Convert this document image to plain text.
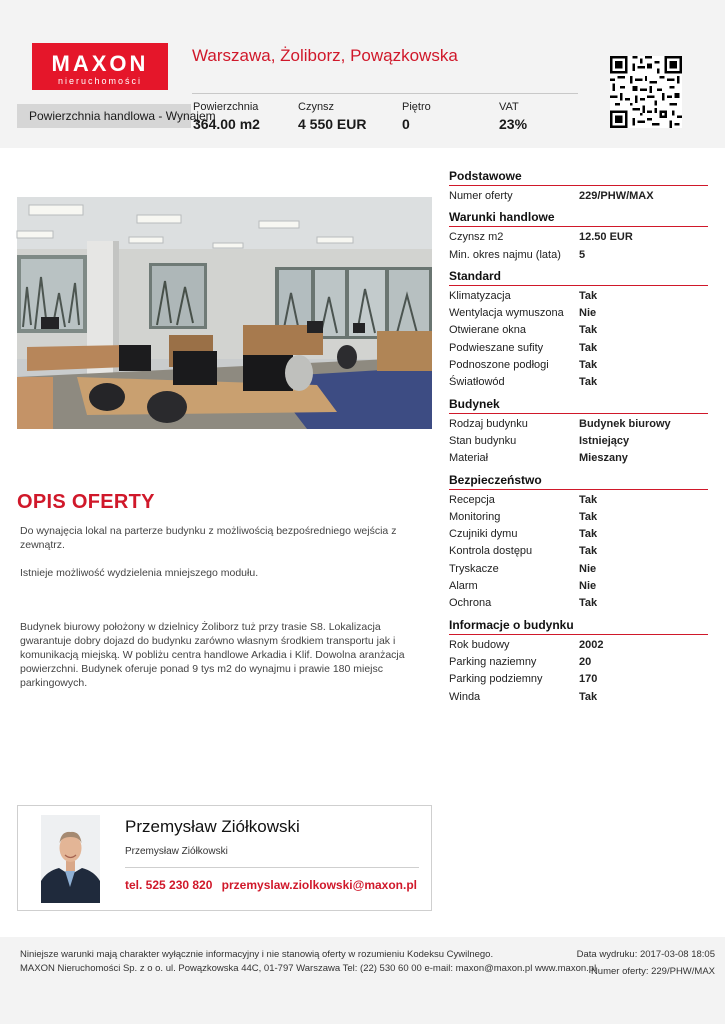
MAXON
nieruchomości
Warszawa, Żoliborz, Powązkowska
Powierzchnia handlowa - Wynajem
Powierzchnia
364.00 m2
Czynsz
4 550 EUR
Piętro
0
VAT
23%
OPIS OFERTY

Do wynajęcia lokal na parterze budynku z możliwością bezpośredniego wejścia z zewnątrz.

Istnieje możliwość wydzielenia mniejszego modułu.

Budynek biurowy położony w dzielnicy Żoliborz tuż przy trasie S8. Lokalizacja gwarantuje dobry dojazd do budynku zarówno własnym środkiem transportu jak i komunikacją miejską. W pobliżu centra handlowe Arkadia i Klif. Dowolna aranżacja powierzchni. Budynek oferuje ponad 9 tys m2 do wynajmu i prawie 180 miejsc parkingowych.

Podstawowe
Numer oferty	229/PHW/MAX
Warunki handlowe
Czynsz m2	12.50 EUR
Min. okres najmu (lata)	5
Standard
Klimatyzacja	Tak
Wentylacja wymuszona	Nie
Otwierane okna	Tak
Podwieszane sufity	Tak
Podnoszone podłogi	Tak
Światłowód	Tak
Budynek
Rodzaj budynku	Budynek biurowy
Stan budynku	Istniejący
Materiał	Mieszany
Bezpieczeństwo
Recepcja	Tak
Monitoring	Tak
Czujniki dymu	Tak
Kontrola dostępu	Tak
Tryskacze	Nie
Alarm	Nie
Ochrona	Tak
Informacje o budynku
Rok budowy	2002
Parking naziemny	20
Parking podziemny	170
Winda	Tak
Przemysław Ziółkowski
Przemysław Ziółkowski
tel. 525 230 820 przemyslaw.ziolkowski@maxon.pl
Niniejsze warunki mają charakter wyłącznie informacyjny i nie stanowią oferty w rozumieniu Kodeksu Cywilnego.
MAXON Nieruchomości Sp. z o o. ul. Powązkowska 44C, 01-797 Warszawa Tel: (22) 530 60 00 e-mail: maxon@maxon.pl www.maxon.pl
Data wydruku: 2017-03-08 18:05
Numer oferty: 229/PHW/MAX
